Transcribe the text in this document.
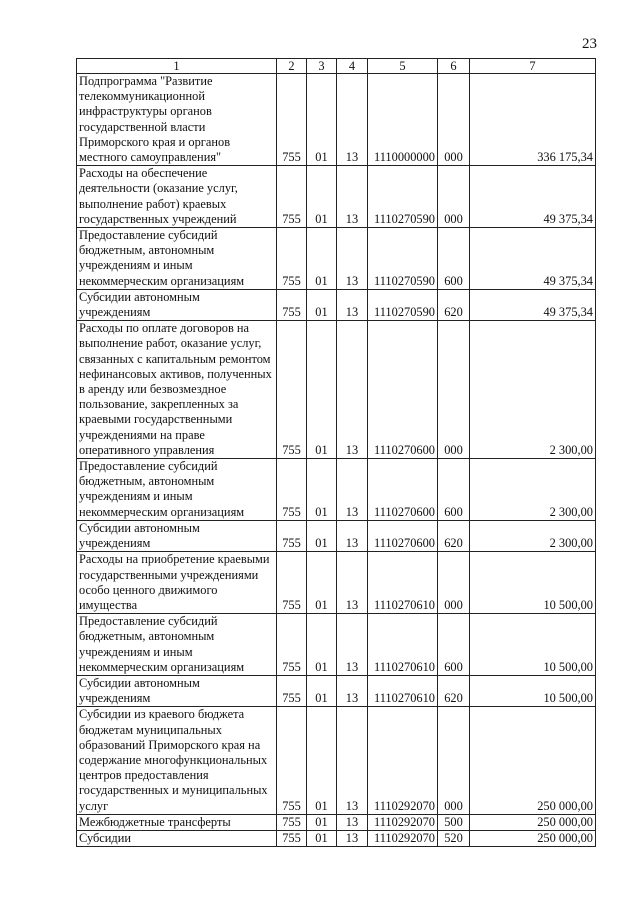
23
1	2	3	4	5	6	7
Подпрограмма "Развитие телекоммуникационной инфраструктуры органов государственной власти Приморского края и органов местного самоуправления"	755	01	13	1110000000	000	336 175,34
Расходы на обеспечение деятельности (оказание услуг, выполнение работ) краевых государственных учреждений	755	01	13	1110270590	000	49 375,34
Предоставление субсидий бюджетным, автономным учреждениям и иным некоммерческим организациям	755	01	13	1110270590	600	49 375,34
Субсидии автономным учреждениям	755	01	13	1110270590	620	49 375,34
Расходы по оплате договоров на выполнение работ, оказание услуг, связанных с капитальным ремонтом нефинансовых активов, полученных в аренду или безвозмездное пользование, закрепленных за краевыми государственными учреждениями на праве оперативного управления	755	01	13	1110270600	000	2 300,00
Предоставление субсидий бюджетным, автономным учреждениям и иным некоммерческим организациям	755	01	13	1110270600	600	2 300,00
Субсидии автономным учреждениям	755	01	13	1110270600	620	2 300,00
Расходы на приобретение краевыми государственными учреждениями особо ценного движимого имущества	755	01	13	1110270610	000	10 500,00
Предоставление субсидий бюджетным, автономным учреждениям и иным некоммерческим организациям	755	01	13	1110270610	600	10 500,00
Субсидии автономным учреждениям	755	01	13	1110270610	620	10 500,00
Субсидии из краевого бюджета бюджетам муниципальных образований Приморского края на содержание многофункциональных центров предоставления государственных и муниципальных услуг	755	01	13	1110292070	000	250 000,00
Межбюджетные трансферты	755	01	13	1110292070	500	250 000,00
Субсидии	755	01	13	1110292070	520	250 000,00
